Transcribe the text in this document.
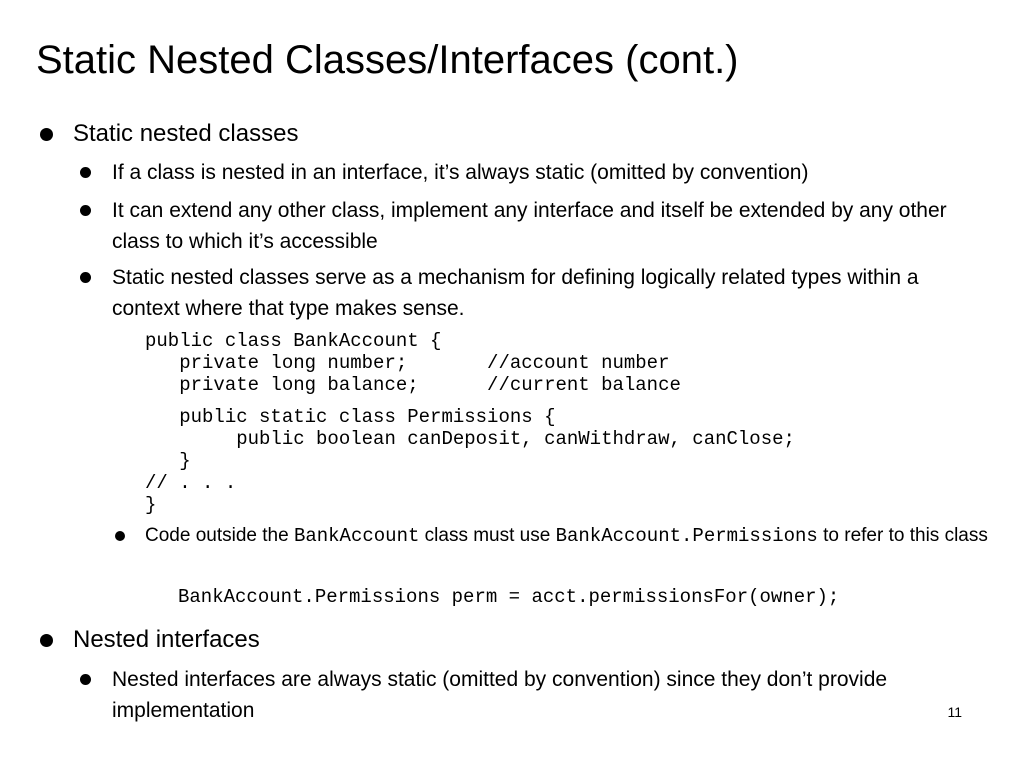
Static Nested Classes/Interfaces (cont.)
Static nested classes
If a class is nested in an interface, it’s always static (omitted by convention)
It can extend any other class, implement any interface and itself be extended by any other class to which it’s accessible
Static nested classes serve as a mechanism for defining logically related types within a context where that type makes sense.
public class BankAccount {
private long number;       //account number
private long balance;      //current balance
public static class Permissions {
public boolean canDeposit, canWithdraw, canClose;
}
// . . .
}
Code outside the BankAccount class must use BankAccount.Permissions to refer to this class
BankAccount.Permissions perm = acct.permissionsFor(owner);
Nested interfaces
Nested interfaces are always static (omitted by convention) since they don’t provide implementation	11
